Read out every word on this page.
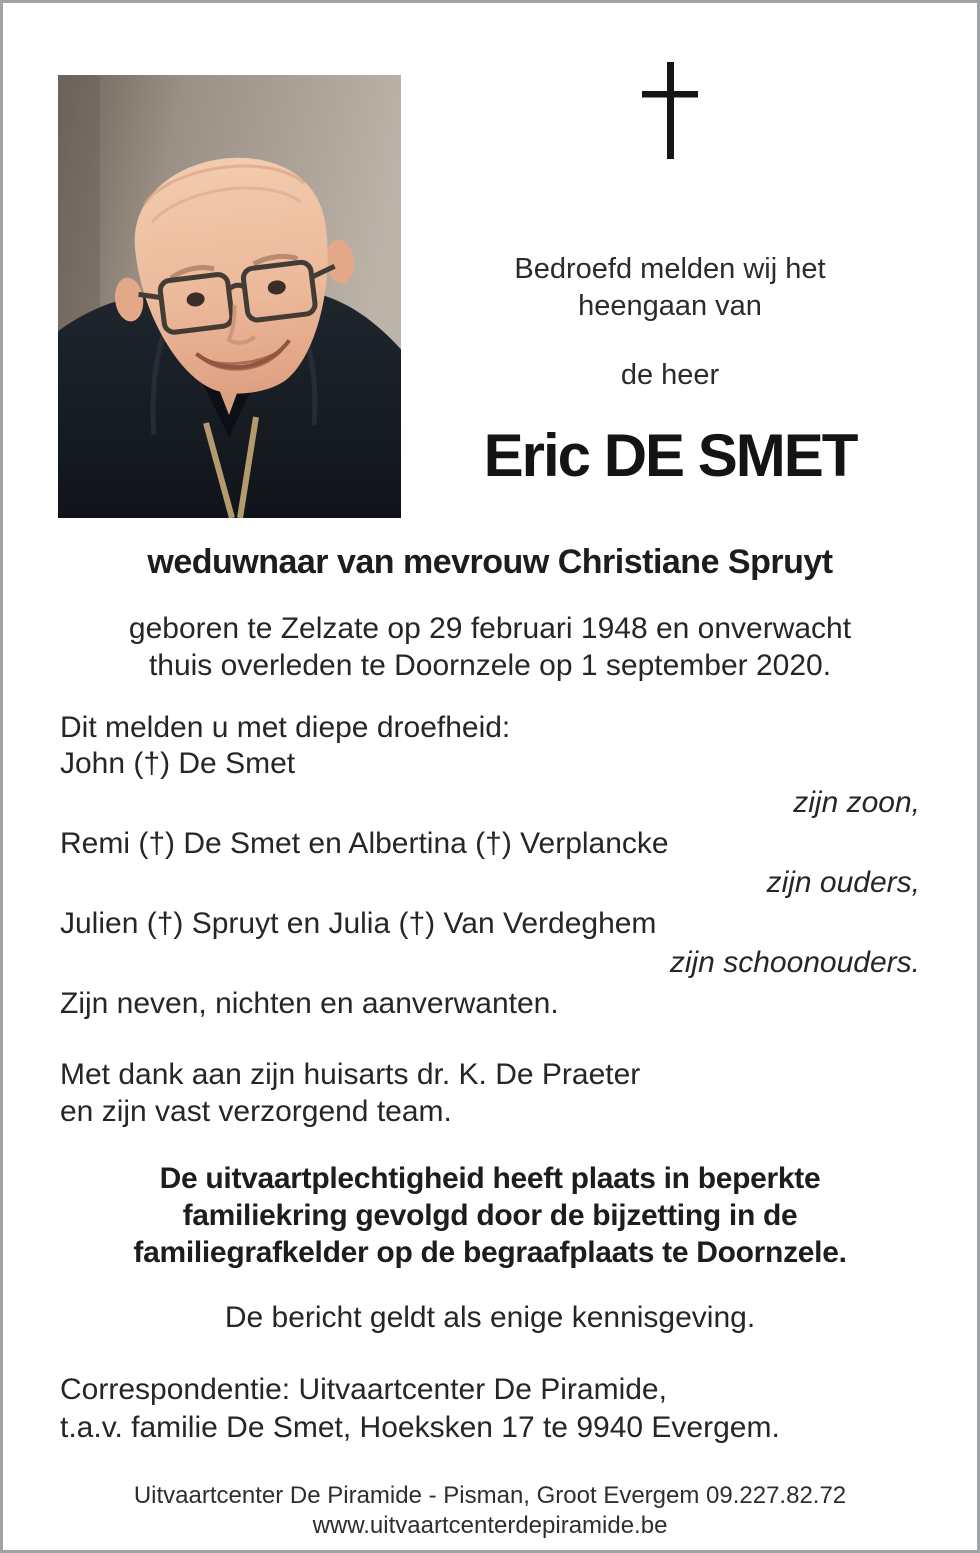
Bedroefd melden wij het
heengaan van
de heer
Eric DE SMET
weduwnaar van mevrouw Christiane Spruyt
geboren te Zelzate op 29 februari 1948 en onverwacht
thuis overleden te Doornzele op 1 september 2020.
Dit melden u met diepe droefheid:
John (†) De Smet
zijn zoon,
Remi (†) De Smet en Albertina (†) Verplancke
zijn ouders,
Julien (†) Spruyt en Julia (†) Van Verdeghem
zijn schoonouders.
Zijn neven, nichten en aanverwanten.
Met dank aan zijn huisarts dr. K. De Praeter
en zijn vast verzorgend team.
De uitvaartplechtigheid heeft plaats in beperkte
familiekring gevolgd door de bijzetting in de
familiegrafkelder op de begraafplaats te Doornzele.
De bericht geldt als enige kennisgeving.
Correspondentie: Uitvaartcenter De Piramide,
t.a.v. familie De Smet, Hoeksken 17 te 9940 Evergem.
Uitvaartcenter De Piramide - Pisman, Groot Evergem 09.227.82.72
www.uitvaartcenterdepiramide.be
